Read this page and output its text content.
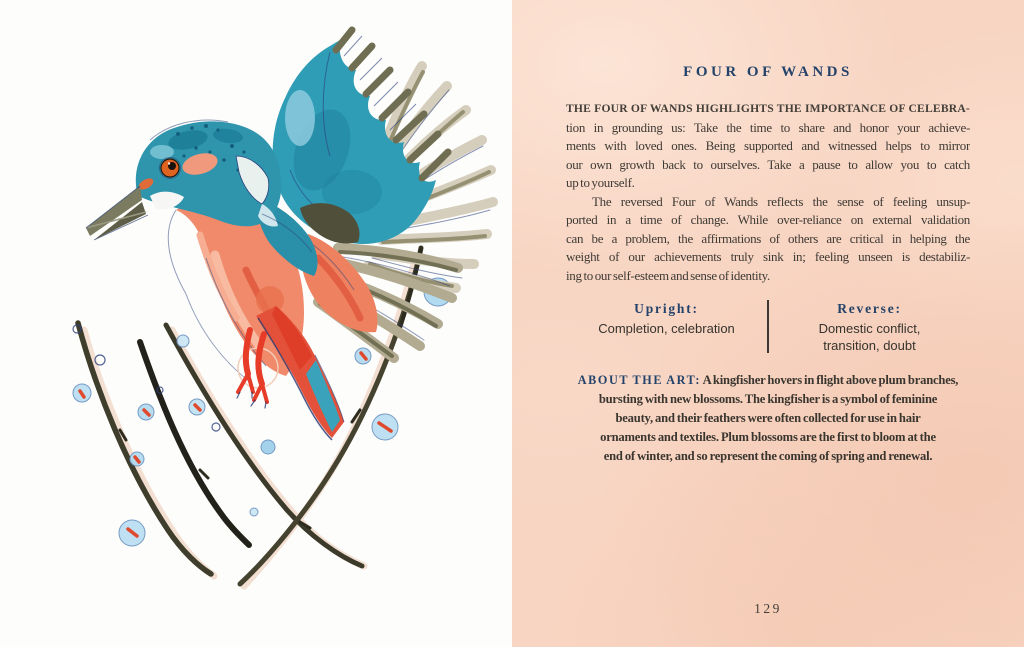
FOUR OF WANDS
THE FOUR OF WANDS HIGHLIGHTS THE IMPORTANCE OF CELEBRA-
tion in grounding us: Take the time to share and honor your achieve-
ments with loved ones. Being supported and witnessed helps to mirror
our own growth back to ourselves. Take a pause to allow you to catch
up to yourself.
The reversed Four of Wands reflects the sense of feeling unsup-
ported in a time of change. While over-reliance on external validation
can be a problem, the affirmations of others are critical in helping the
weight of our achievements truly sink in; feeling unseen is destabiliz-
ing to our self-esteem and sense of identity.
Upright:
Completion, celebration
Reverse:
Domestic conflict, transition, doubt
ABOUT THE ART: A kingfisher hovers in flight above plum branches,
bursting with new blossoms. The kingfisher is a symbol of feminine
beauty, and their feathers were often collected for use in hair
ornaments and textiles. Plum blossoms are the first to bloom at the
end of winter, and so represent the coming of spring and renewal.
129
